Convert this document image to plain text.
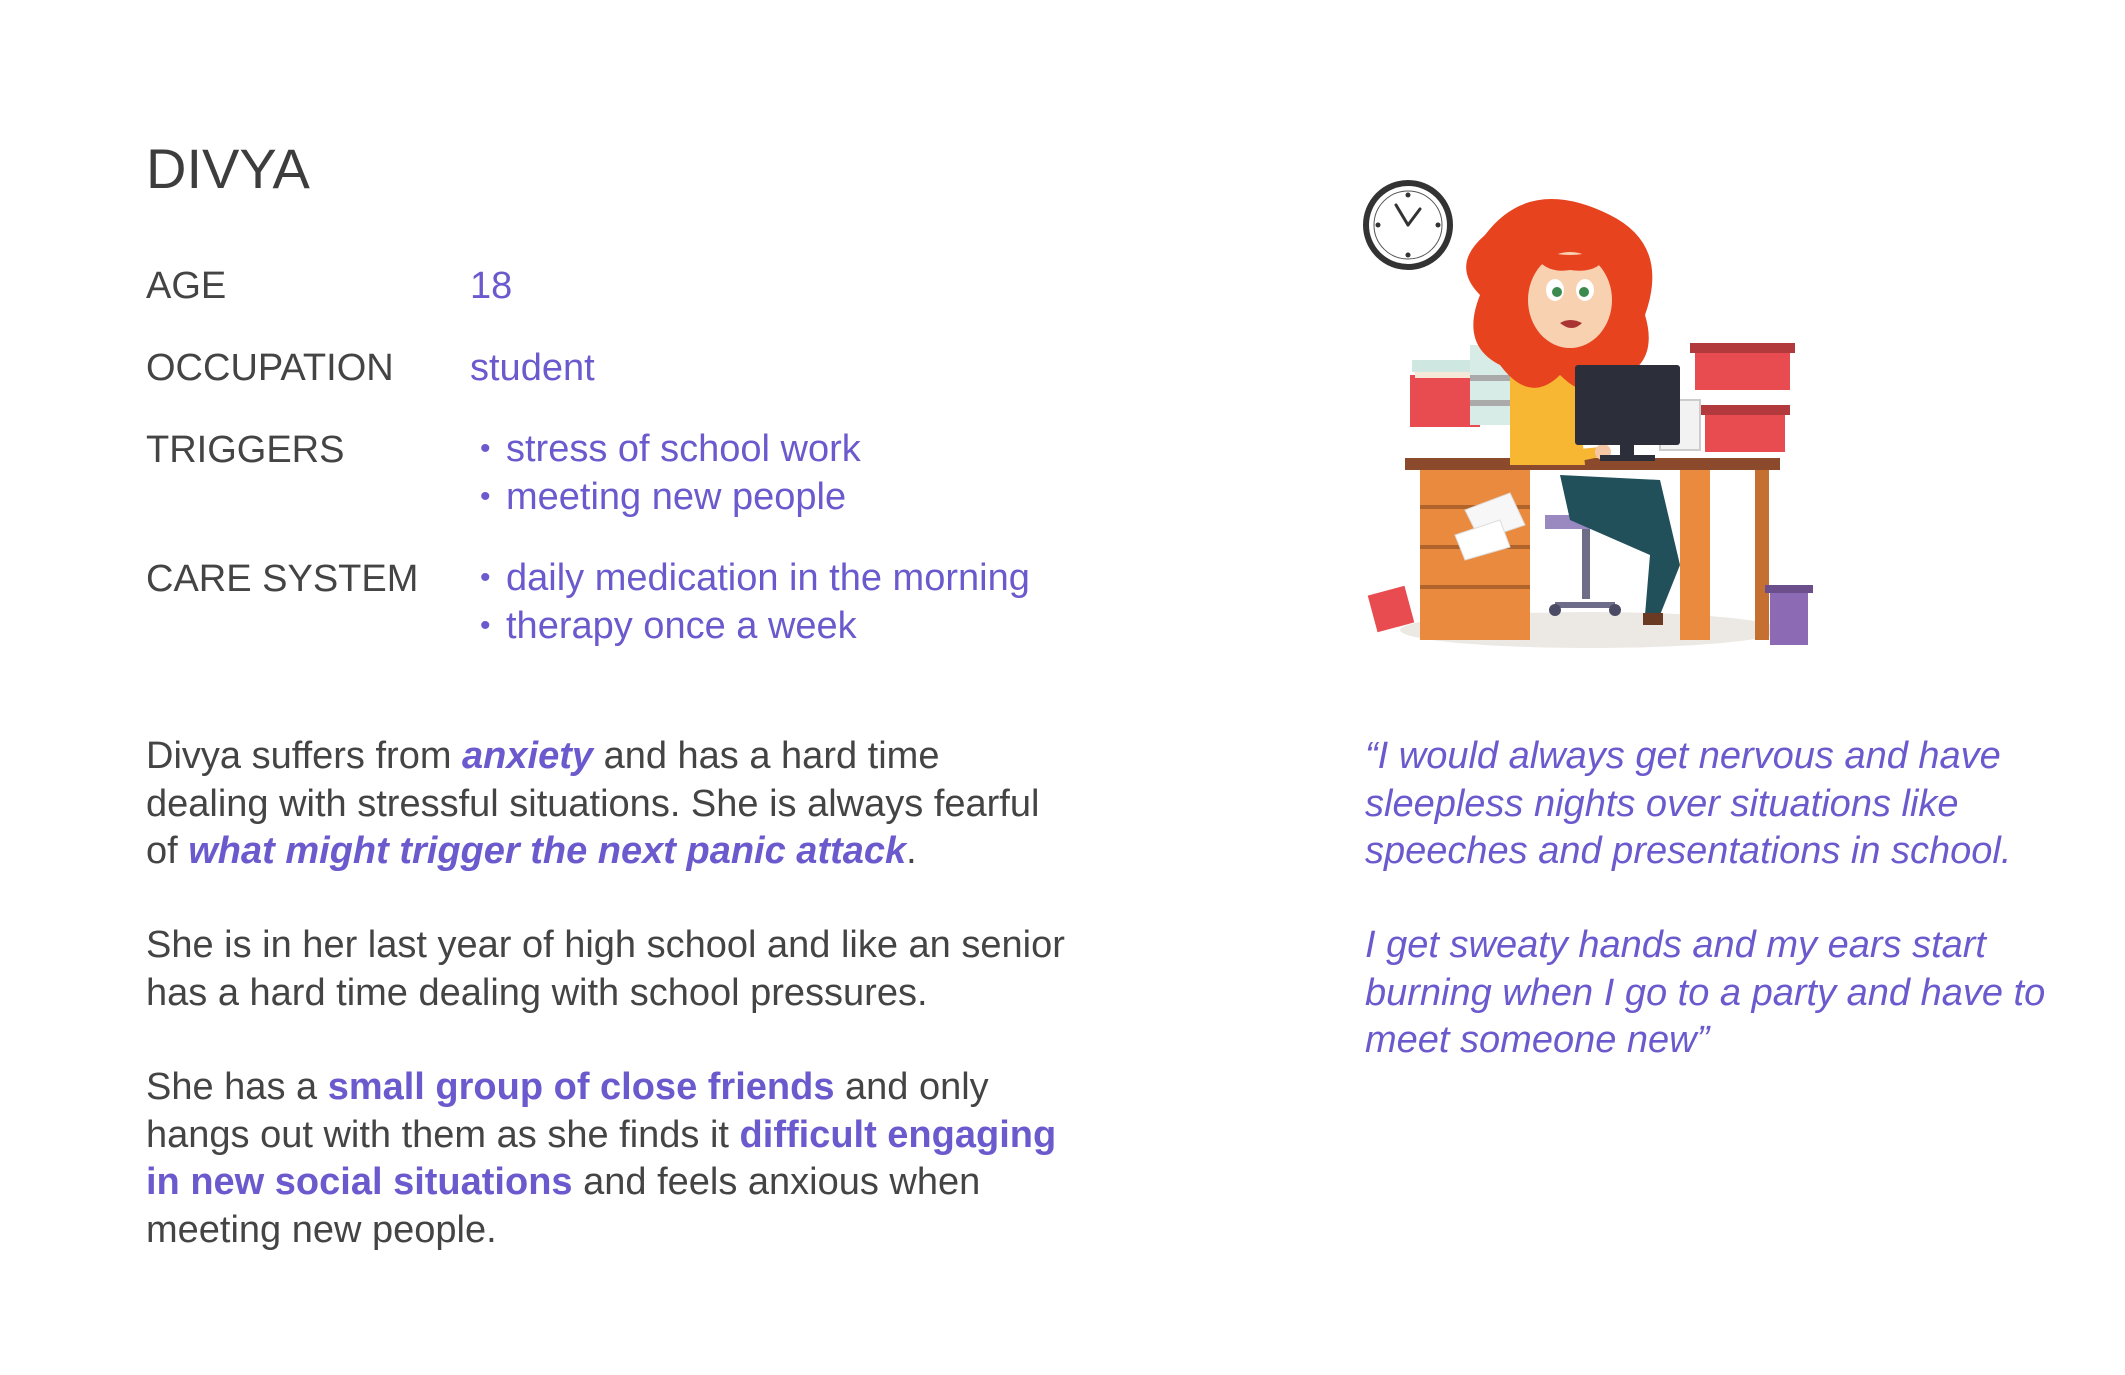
DIVYA
AGE	18
OCCUPATION student
TRIGGERS	• stress of school work
• meeting new people
CARE SYSTEM • daily medication in the morning
• therapy once a week

Divya suffers from anxiety and has a hard time dealing with stressful situations. She is always fearful of what might trigger the next panic attack.

She is in her last year of high school and like an senior has a hard time dealing with school pressures.

She has a small group of close friends and only hangs out with them as she finds it difficult engaging in new social situations and feels anxious when meeting new people.

“I would always get nervous and have sleepless nights over situations like speeches and presentations in school.

I get sweaty hands and my ears start burning when I go to a party and have to meet someone new”
